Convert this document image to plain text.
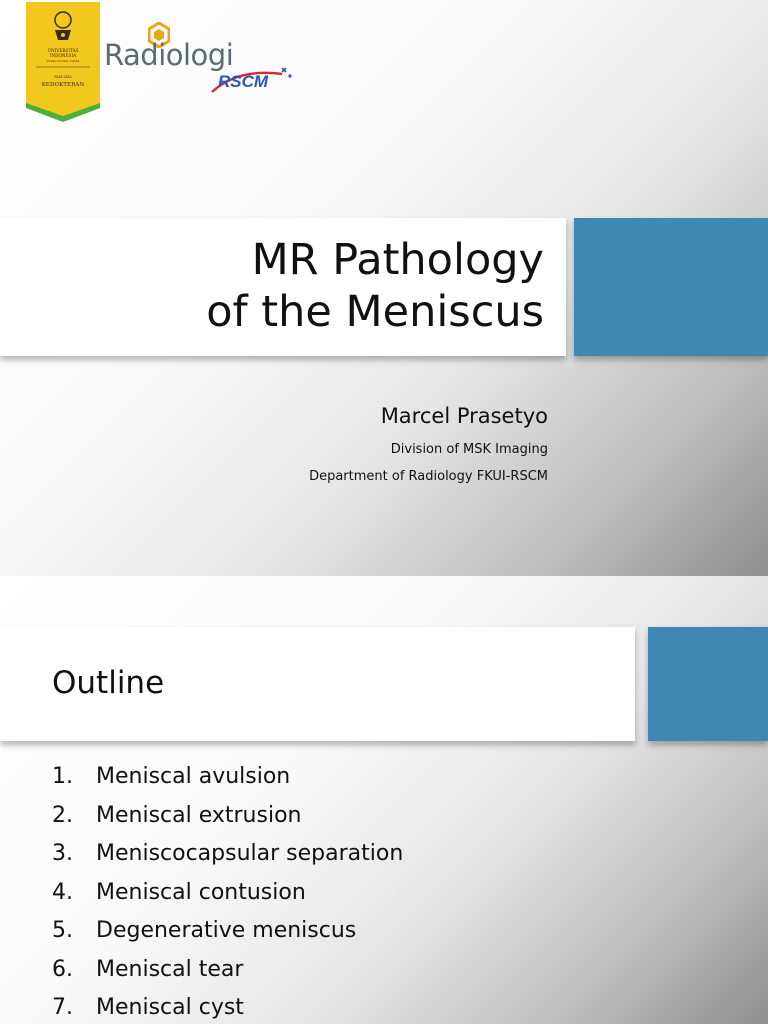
UNIVERSITAS
INDONESIA
Veritas, Probitas, Iustitia
FAKULTAS
KEDOKTERAN
Radiologi
RSCM
MR Pathology
of the Meniscus
Marcel Prasetyo
Division of MSK Imaging
Department of Radiology FKUI-RSCM
Outline
1.	Meniscal avulsion
2.	Meniscal extrusion
3.	Meniscocapsular separation
4.	Meniscal contusion
5.	Degenerative meniscus
6.	Meniscal tear
7.	Meniscal cyst
